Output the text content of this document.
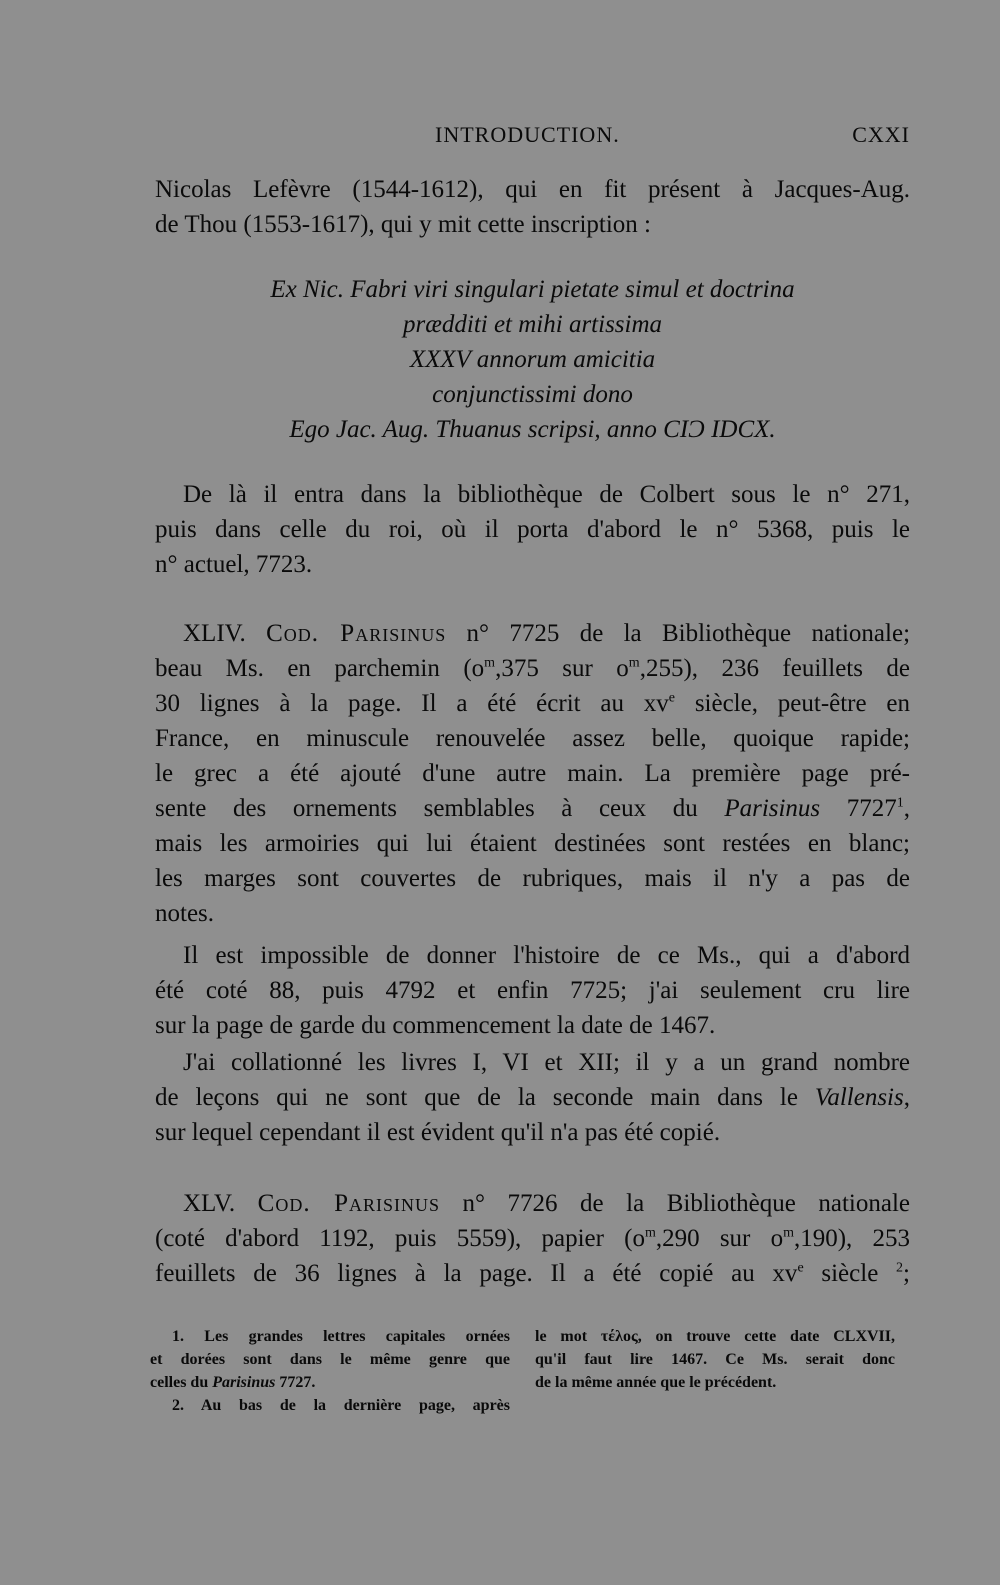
INTRODUCTION.	CXXI
Nicolas Lefèvre (1544-1612), qui en fit présent à Jacques-Aug.
de Thou (1553-1617), qui y mit cette inscription :
Ex Nic. Fabri viri singulari pietate simul et doctrina
prædditi et mihi artissima
XXXV annorum amicitia
conjunctissimi dono
Ego Jac. Aug. Thuanus scripsi, anno CIƆ IDCX.
De là il entra dans la bibliothèque de Colbert sous le n° 271,
puis dans celle du roi, où il porta d'abord le n° 5368, puis le
n° actuel, 7723.
XLIV. Cod. Parisinus n° 7725 de la Bibliothèque nationale;
beau Ms. en parchemin ($o^m,375$ sur $o^m,255$), 236 feuillets de
30 lignes à la page. Il a été écrit au $xv^e$ siècle, peut-être en
France, en minuscule renouvelée assez belle, quoique rapide;
le grec a été ajouté d'une autre main. La première page pré-
sente des ornements semblables à ceux du Parisinus 7727$^1$,
mais les armoiries qui lui étaient destinées sont restées en blanc;
les marges sont couvertes de rubriques, mais il n'y a pas de
notes.
Il est impossible de donner l'histoire de ce Ms., qui a d'abord
été coté 88, puis 4792 et enfin 7725; j'ai seulement cru lire
sur la page de garde du commencement la date de 1467.
J'ai collationné les livres I, VI et XII; il y a un grand nombre
de leçons qui ne sont que de la seconde main dans le Vallensis,
sur lequel cependant il est évident qu'il n'a pas été copié.
XLV. Cod. Parisinus n° 7726 de la Bibliothèque nationale
(coté d'abord 1192, puis 5559), papier ($o^m,290$ sur $o^m,190$), 253
feuillets de 36 lignes à la page. Il a été copié au $xv^e$ siècle $^2$;
1. Les grandes lettres capitales ornées
et dorées sont dans le même genre que
celles du Parisinus 7727.
2. Au bas de la dernière page, après
le mot τέλος, on trouve cette date CLXVII,
qu'il faut lire 1467. Ce Ms. serait donc
de la même année que le précédent.
